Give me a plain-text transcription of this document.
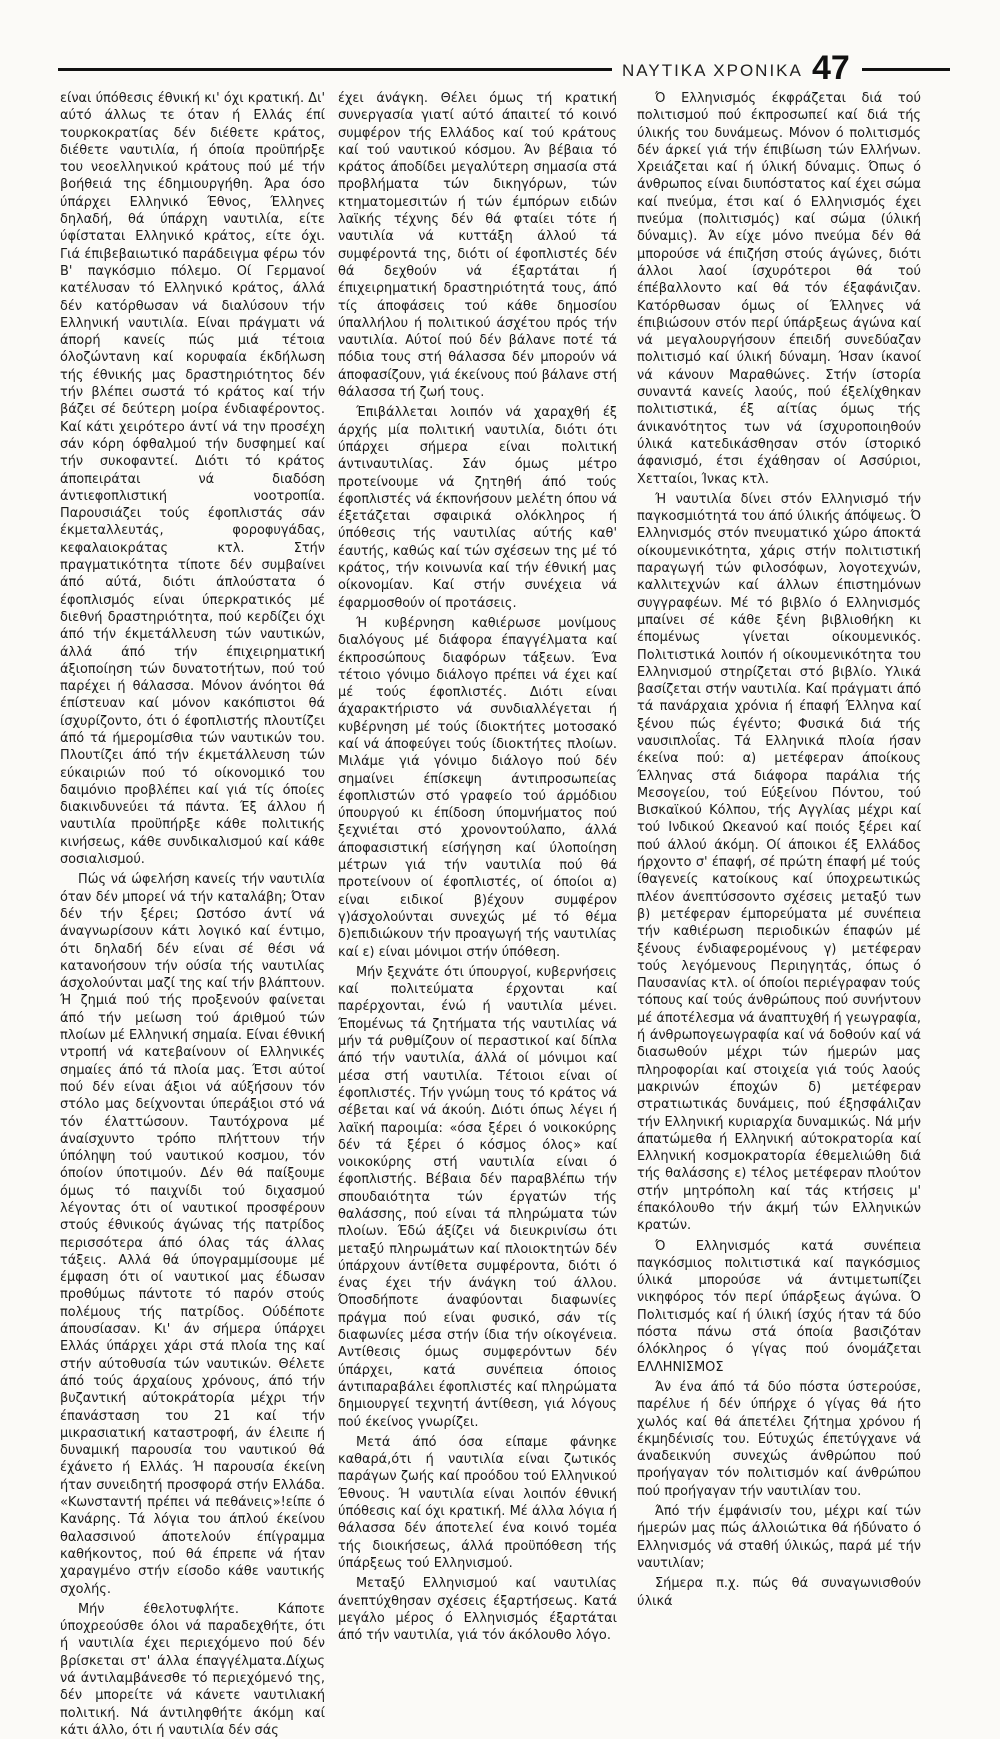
ΝΑΥΤΙΚΑ ΧΡΟΝΙΚΑ 47

είναι ύπόθεσις έθνική κι' όχι κρατική. Δι' αύτό άλλως τε όταν ή Ελλάς έπί τουρκοκρατίας δέν διέθετε κράτος, διέθετε ναυτιλία, ή όποία προϋπήρξε του νεοελληνικού κράτους πού μέ τήν βοήθειά της έδημιουργήθη. Άρα όσο ύπάρχει Ελληνικό Έθνος, Έλληνες δηλαδή, θά ύπάρχη ναυτιλία, είτε ύφίσταται Ελληνικό κράτος, είτε όχι. Γιά έπιβεβαιωτικό παράδειγμα φέρω τόν Β' παγκόσμιο πόλεμο. Οί Γερμανοί κατέλυσαν τό Ελληνικό κράτος, άλλά δέν κατόρθωσαν νά διαλύσουν τήν Ελληνική ναυτιλία. Είναι πράγματι νά άπορή κανείς πώς μιά τέτοια όλοζώντανη καί κορυφαία έκδήλωση τής έθνικής μας δραστηριότητος δέν τήν βλέπει σωστά τό κράτος καί τήν βάζει σέ δεύτερη μοίρα ένδιαφέροντος. Καί κάτι χειρότερο άντί νά την προσέχη σάν κόρη όφθαλμού τήν δυσφημεί καί τήν συκοφαντεί. Διότι τό κράτος άποπειράται νά διαδόση άντιεφοπλιστική νοοτροπία. Παρουσιάζει τούς έφοπλιστάς σάν έκμεταλλευτάς, φοροφυγάδας, κεφαλαιοκράτας κτλ. Στήν πραγματικότητα τίποτε δέν συμβαίνει άπό αύτά, διότι άπλούστατα ό έφοπλισμός είναι ύπερκρατικός μέ διεθνή δραστηριότητα, πού κερδίζει όχι άπό τήν έκμετάλλευση τών ναυτικών, άλλά άπό τήν έπιχειρηματική άξιοποίηση τών δυνατοτήτων, πού τού παρέχει ή θάλασσα. Μόνον άνόητοι θά έπίστευαν καί μόνον κακόπιστοι θά ίσχυρίζοντο, ότι ό έφοπλιστής πλουτίζει άπό τά ήμερομίσθια τών ναυτικών του. Πλουτίζει άπό τήν έκμετάλλευση τών εύκαιριών πού τό οίκονομικό του δαιμόνιο προβλέπει καί γιά τίς όποίες διακινδυνεύει τά πάντα. Έξ άλλου ή ναυτιλία προϋπήρξε κάθε πολιτικής κινήσεως, κάθε συνδικαλισμού καί κάθε σοσιαλισμού.

Πώς νά ώφελήση κανείς τήν ναυτιλία όταν δέν μπορεί νά τήν καταλάβη; Όταν δέν τήν ξέρει; Ωστόσο άντί νά άναγνωρίσουν κάτι λογικό καί έντιμο, ότι δηλαδή δέν είναι σέ θέσι νά κατανοήσουν τήν ούσία τής ναυτιλίας άσχολούνται μαζί της καί τήν βλάπτουν. Ή ζημιά πού τής προξενούν φαίνεται άπό τήν μείωση τού άριθμού τών πλοίων μέ Ελληνική σημαία. Είναι έθνική ντροπή νά κατεβαίνουν οί Ελληνικές σημαίες άπό τά πλοία μας. Έτσι αύτοί πού δέν είναι άξιοι νά αύξήσουν τόν στόλο μας δείχνονται ύπεράξιοι στό νά τόν έλαττώσουν. Ταυτόχρονα μέ άναίσχυντο τρόπο πλήττουν τήν ύπόληψη τού ναυτικού κοσμου, τόν όποίον ύποτιμούν. Δέν θά παίξουμε όμως τό παιχνίδι τού διχασμού λέγοντας ότι οί ναυτικοί προσφέρουν στούς έθνικούς άγώνας τής πατρίδος περισσότερα άπό όλας τάς άλλας τάξεις. Αλλά θά ύπογραμμίσουμε μέ έμφαση ότι οί ναυτικοί μας έδωσαν προθύμως πάντοτε τό παρόν στούς πολέμους τής πατρίδος. Ούδέποτε άπουσίασαν. Κι' άν σήμερα ύπάρχει Ελλάς ύπάρχει χάρι στά πλοία της καί στήν αύτοθυσία τών ναυτικών. Θέλετε άπό τούς άρχαίους χρόνους, άπό τήν βυζαντική αύτοκράτορία μέχρι τήν έπανάσταση του 21 καί τήν μικρασιατική καταστροφή, άν έλειπε ή δυναμική παρουσία του ναυτικού θά έχάνετο ή Ελλάς. Ή παρουσία έκείνη ήταν συνειδητή προσφορά στήν Ελλάδα. «Κωνσταντή πρέπει νά πεθάνεις»!είπε ό Κανάρης. Τά λόγια του άπλού έκείνου θαλασσινού άποτελούν έπίγραμμα καθήκοντος, πού θά έπρεπε νά ήταν χαραγμένο στήν είσοδο κάθε ναυτικής σχολής.

Μήν έθελοτυφλήτε. Κάποτε ύποχρεούσθε όλοι νά παραδεχθήτε, ότι ή ναυτιλία έχει περιεχόμενο πού δέν βρίσκεται στ' άλλα έπαγγέλματα.Δίχως νά άντιλαμβάνεσθε τό περιεχόμενό της, δέν μπορείτε νά κάνετε ναυτιλιακή πολιτική. Νά άντιληφθήτε άκόμη καί κάτι άλλο, ότι ή ναυτιλία δέν σάς

έχει άνάγκη. Θέλει όμως τή κρατική συνεργασία γιατί αύτό άπαιτεί τό κοινό συμφέρον τής Ελλάδος καί τού κράτους καί τού ναυτικού κόσμου. Άν βέβαια τό κράτος άποδίδει μεγαλύτερη σημασία στά προβλήματα τών δικηγόρων, τών κτηματομεσιτών ή τών έμπόρων ειδών λαϊκής τέχνης δέν θά φταίει τότε ή ναυτιλία νά κυττάξη άλλού τά συμφέροντά της, διότι οί έφοπλιστές δέν θά δεχθούν νά έξαρτάται ή έπιχειρηματική δραστηριότητά τους, άπό τίς άποφάσεις τού κάθε δημοσίου ύπαλλήλου ή πολιτικού άσχέτου πρός τήν ναυτιλία. Αύτοί πού δέν βάλανε ποτέ τά πόδια τους στή θάλασσα δέν μπορούν νά άποφασίζουν, γιά έκείνους πού βάλανε στή θάλασσα τή ζωή τους.

Έπιβάλλεται λοιπόν νά χαραχθή έξ άρχής μία πολιτική ναυτιλία, διότι ότι ύπάρχει σήμερα είναι πολιτική άντιναυτιλίας. Σάν όμως μέτρο προτείνουμε νά ζητηθή άπό τούς έφοπλιστές νά έκπονήσουν μελέτη όπου νά έξετάζεται σφαιρικά ολόκληρος ή ύπόθεσις τής ναυτιλίας αύτής καθ' έαυτής, καθώς καί τών σχέσεων της μέ τό κράτος, τήν κοινωνία καί τήν έθνική μας οίκονομίαν. Καί στήν συνέχεια νά έφαρμοσθούν οί προτάσεις.

Ή κυβέρνηση καθιέρωσε μονίμους διαλόγους μέ διάφορα έπαγγέλματα καί έκπροσώπους διαφόρων τάξεων. Ένα τέτοιο γόνιμο διάλογο πρέπει νά έχει καί μέ τούς έφοπλιστές. Διότι είναι άχαρακτήριστο νά συνδιαλλέγεται ή κυβέρνηση μέ τούς ίδιοκτήτες μοτοσακό καί νά άποφεύγει τούς ίδιοκτήτες πλοίων. Μιλάμε γιά γόνιμο διάλογο πού δέν σημαίνει έπίσκεψη άντιπροσωπείας έφοπλιστών στό γραφείο τού άρμόδιου ύπουργού κι έπίδοση ύπομνήματος πού ξεχνιέται στό χρονοντούλαπο, άλλά άποφασιστική είσήγηση καί ύλοποίηση μέτρων γιά τήν ναυτιλία πού θά προτείνουν οί έφοπλιστές, οί όποίοι α) είναι ειδικοί β)έχουν συμφέρον γ)άσχολούνται συνεχώς μέ τό θέμα δ)επιδιώκουν τήν προαγωγή τής ναυτιλίας καί ε) είναι μόνιμοι στήν ύπόθεση.

Μήν ξεχνάτε ότι ύπουργοί, κυβερνήσεις καί πολιτεύματα έρχονται καί παρέρχονται, ένώ ή ναυτιλία μένει. Έπομένως τά ζητήματα τής ναυτιλίας νά μήν τά ρυθμίζουν οί περαστικοί καί δίπλα άπό τήν ναυτιλία, άλλά οί μόνιμοι καί μέσα στή ναυτιλία. Τέτοιοι είναι οί έφοπλιστές. Τήν γνώμη τους τό κράτος νά σέβεται καί νά άκούη. Διότι όπως λέγει ή λαϊκή παροιμία: «όσα ξέρει ό νοικοκύρης δέν τά ξέρει ό κόσμος όλος» καί νοικοκύρης στή ναυτιλία είναι ό έφοπλιστής. Βέβαια δέν παραβλέπω τήν σπουδαιότητα τών έργατών τής θαλάσσης, πού είναι τά πληρώματα τών πλοίων. Έδώ άξίζει νά διευκρινίσω ότι μεταξύ πληρωμάτων καί πλοιοκτητών δέν ύπάρχουν άντίθετα συμφέροντα, διότι ό ένας έχει τήν άνάγκη τού άλλου. Όποσδήποτε άναφύονται διαφωνίες πράγμα πού είναι φυσικό, σάν τίς διαφωνίες μέσα στήν ίδια τήν οίκογένεια. Αντίθεσις όμως συμφερόντων δέν ύπάρχει, κατά συνέπεια όποιος άντιπαραβάλει έφοπλιστές καί πληρώματα δημιουργεί τεχνητή άντίθεση, γιά λόγους πού έκείνος γνωρίζει.

Μετά άπό όσα είπαμε φάνηκε καθαρά,ότι ή ναυτιλία είναι ζωτικός παράγων ζωής καί προόδου τού Ελληνικού Έθνους. Ή ναυτιλία είναι λοιπόν έθνική ύπόθεσις καί όχι κρατική. Μέ άλλα λόγια ή θάλασσα δέν άποτελεί ένα κοινό τομέα τής διοικήσεως, άλλά προϋπόθεση τής ύπάρξεως τού Ελληνισμού.

Μεταξύ Ελληνισμού καί ναυτιλίας άνεπτύχθησαν σχέσεις έξαρτήσεως. Κατά μεγάλο μέρος ό Ελληνισμός έξαρτάται άπό τήν ναυτιλία, γιά τόν άκόλουθο λόγο.

Ό Ελληνισμός έκφράζεται διά τού πολιτισμού πού έκπροσωπεί καί διά τής ύλικής του δυνάμεως. Μόνον ό πολιτισμός δέν άρκεί γιά τήν έπιβίωση τών Ελλήνων. Χρειάζεται καί ή ύλική δύναμις. Όπως ό άνθρωπος είναι διυπόστατος καί έχει σώμα καί πνεύμα, έτσι καί ό Ελληνισμός έχει πνεύμα (πολιτισμός) καί σώμα (ύλική δύναμις). Άν είχε μόνο πνεύμα δέν θά μπορούσε νά έπιζήση στούς άγώνες, διότι άλλοι λαοί ίσχυρότεροι θά τού έπέβαλλοντο καί θά τόν έξαφάνιζαν. Κατόρθωσαν όμως οί Έλληνες νά έπιβιώσουν στόν περί ύπάρξεως άγώνα καί νά μεγαλουργήσουν έπειδή συνεδύαζαν πολιτισμό καί ύλική δύναμη. Ήσαν ίκανοί νά κάνουν Μαραθώνες. Στήν ίστορία συναντά κανείς λαούς, πού έξελίχθηκαν πολιτιστικά, έξ αίτίας όμως τής άνικανότητος των νά ίσχυροποιηθούν ύλικά κατεδικάσθησαν στόν ίστορικό άφανισμό, έτσι έχάθησαν οί Ασσύριοι, Χετταίοι, Ίνκας κτλ.

Ή ναυτιλία δίνει στόν Ελληνισμό τήν παγκοσμιότητά του άπό ύλικής άπόψεως. Ό Ελληνισμός στόν πνευματικό χώρο άποκτά οίκουμενικότητα, χάρις στήν πολιτιστική παραγωγή τών φιλοσόφων, λογοτεχνών, καλλιτεχνών καί άλλων έπιστημόνων συγγραφέων. Μέ τό βιβλίο ό Ελληνισμός μπαίνει σέ κάθε ξένη βιβλιοθήκη κι έπομένως γίνεται οίκουμενικός. Πολιτιστικά λοιπόν ή οίκουμενικότητα του Ελληνισμού στηρίζεται στό βιβλίο. Υλικά βασίζεται στήν ναυτιλία. Καί πράγματι άπό τά πανάρχαια χρόνια ή έπαφή Έλληνα καί ξένου πώς έγέντο; Φυσικά διά τής ναυσιπλοΐας. Τά Ελληνικά πλοία ήσαν έκείνα πού: α) μετέφεραν άποίκους Έλληνας στά διάφορα παράλια τής Μεσογείου, τού Εύξείνου Πόντου, τού Βισκαϊκού Κόλπου, τής Αγγλίας μέχρι καί τού Ινδικού Ωκεανού καί ποιός ξέρει καί πού άλλού άκόμη. Οί άποικοι έξ Ελλάδος ήρχοντο σ' έπαφή, σέ πρώτη έπαφή μέ τούς ίθαγενείς κατοίκους καί ύποχρεωτικώς πλέον άνεπτύσσοντο σχέσεις μεταξύ των β) μετέφεραν έμπορεύματα μέ συνέπεια τήν καθιέρωση περιοδικών έπαφών μέ ξένους ένδιαφερομένους γ) μετέφεραν τούς λεγόμενους Περιηγητάς, όπως ό Παυσανίας κτλ. οί όποίοι περιέγραφαν τούς τόπους καί τούς άνθρώπους πού συνήντουν μέ άποτέλεσμα νά άναπτυχθή ή γεωγραφία, ή άνθρωπογεωγραφία καί νά δοθούν καί νά διασωθούν μέχρι τών ήμερών μας πληροφορίαι καί στοιχεία γιά τούς λαούς μακρινών έποχών δ) μετέφεραν στρατιωτικάς δυνάμεις, πού έξησφάλιζαν τήν Ελληνική κυριαρχία δυναμικώς. Νά μήν άπατώμεθα ή Ελληνική αύτοκρατορία καί Ελληνική κοσμοκρατορία έθεμελιώθη διά τής θαλάσσης ε) τέλος μετέφεραν πλούτον στήν μητρόπολη καί τάς κτήσεις μ' έπακόλουθο τήν άκμή τών Ελληνικών κρατών.

Ό Ελληνισμός κατά συνέπεια παγκόσμιος πολιτιστικά καί παγκόσμιος ύλικά μπορούσε νά άντιμετωπίζει νικηφόρος τόν περί ύπάρξεως άγώνα. Ό Πολιτισμός καί ή ύλική ίσχύς ήταν τά δύο πόστα πάνω στά όποία βασιζόταν όλόκληρος ό γίγας πού όνομάζεται ΕΛΛΗΝΙΣΜΟΣ

Άν ένα άπό τά δύο πόστα ύστερούσε, παρέλυε ή δέν ύπήρχε ό γίγας θά ήτο χωλός καί θά άπετέλει ζήτημα χρόνου ή έκμηδένισίς του. Εύτυχώς έπετύγχανε νά άναδεικνύη συνεχώς άνθρώπου πού προήγαγαν τόν πολιτισμόν καί άνθρώπου πού προήγαγαν τήν ναυτιλίαν του.

Άπό τήν έμφάνισίν του, μέχρι καί τών ήμερών μας πώς άλλοιώτικα θά ήδύνατο ό Ελληνισμός νά σταθή ύλικώς, παρά μέ τήν ναυτιλίαν;

Σήμερα π.χ. πώς θά συναγωνισθούν ύλικά
